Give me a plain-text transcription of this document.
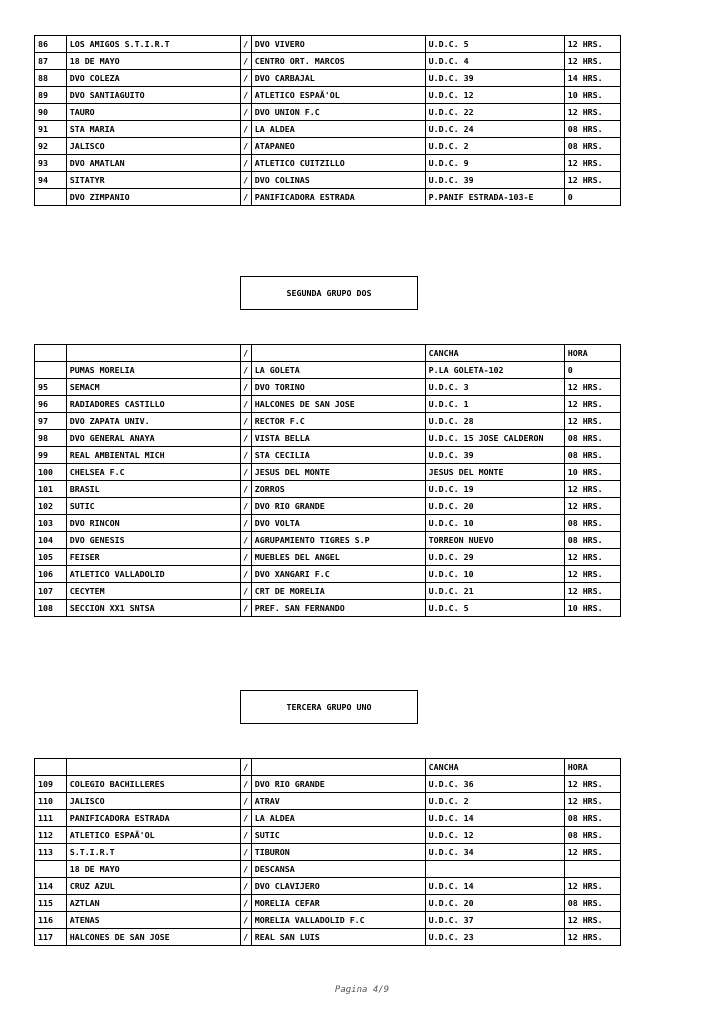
86	LOS AMIGOS S.T.I.R.T	/	DVO VIVERO	U.D.C. 5	12 HRS.
87	18 DE MAYO	/	CENTRO ORT. MARCOS	U.D.C. 4	12 HRS.
88	DVO COLEZA	/	DVO CARBAJAL	U.D.C. 39	14 HRS.
89	DVO SANTIAGUITO	/	ATLETICO ESPAÃ'OL	U.D.C. 12	10 HRS.
90	TAURO	/	DVO UNION F.C	U.D.C. 22	12 HRS.
91	STA MARIA	/	LA ALDEA	U.D.C. 24	08 HRS.
92	JALISCO	/	ATAPANEO	U.D.C. 2	08 HRS.
93	DVO AMATLAN	/	ATLETICO CUITZILLO	U.D.C. 9	12 HRS.
94	SITATYR	/	DVO COLINAS	U.D.C. 39	12 HRS.
	DVO ZIMPANIO	/	PANIFICADORA ESTRADA	P.PANIF ESTRADA-103-E	0
SEGUNDA GRUPO DOS
		/		CANCHA	HORA
	PUMAS MORELIA	/	LA GOLETA	P.LA GOLETA-102	0
95	SEMACM	/	DVO TORINO	U.D.C. 3	12 HRS.
96	RADIADORES CASTILLO	/	HALCONES DE SAN JOSE	U.D.C. 1	12 HRS.
97	DVO ZAPATA UNIV.	/	RECTOR F.C	U.D.C. 28	12 HRS.
98	DVO GENERAL ANAYA	/	VISTA BELLA	U.D.C. 15 JOSE CALDERON	08 HRS.
99	REAL AMBIENTAL MICH	/	STA CECILIA	U.D.C. 39	08 HRS.
100	CHELSEA F.C	/	JESUS DEL MONTE	JESUS DEL MONTE	10 HRS.
101	BRASIL	/	ZORROS	U.D.C. 19	12 HRS.
102	SUTIC	/	DVO RIO GRANDE	U.D.C. 20	12 HRS.
103	DVO RINCON	/	DVO VOLTA	U.D.C. 10	08 HRS.
104	DVO GENESIS	/	AGRUPAMIENTO TIGRES S.P	TORREON NUEVO	08 HRS.
105	FEISER	/	MUEBLES DEL ANGEL	U.D.C. 29	12 HRS.
106	ATLETICO VALLADOLID	/	DVO XANGARI F.C	U.D.C. 10	12 HRS.
107	CECYTEM	/	CRT DE MORELIA	U.D.C. 21	12 HRS.
108	SECCION XX1 SNTSA	/	PREF. SAN FERNANDO	U.D.C. 5	10 HRS.
TERCERA GRUPO UNO
		/		CANCHA	HORA
109	COLEGIO BACHILLERES	/	DVO RIO GRANDE	U.D.C. 36	12 HRS.
110	JALISCO	/	ATRAV	U.D.C. 2	12 HRS.
111	PANIFICADORA ESTRADA	/	LA ALDEA	U.D.C. 14	08 HRS.
112	ATLETICO ESPAÃ'OL	/	SUTIC	U.D.C. 12	08 HRS.
113	S.T.I.R.T	/	TIBURON	U.D.C. 34	12 HRS.
	18 DE MAYO	/	DESCANSA		
114	CRUZ AZUL	/	DVO CLAVIJERO	U.D.C. 14	12 HRS.
115	AZTLAN	/	MORELIA CEFAR	U.D.C. 20	08 HRS.
116	ATENAS	/	MORELIA VALLADOLID F.C	U.D.C. 37	12 HRS.
117	HALCONES DE SAN JOSE	/	REAL SAN LUIS	U.D.C. 23	12 HRS.
Pagina 4/9
